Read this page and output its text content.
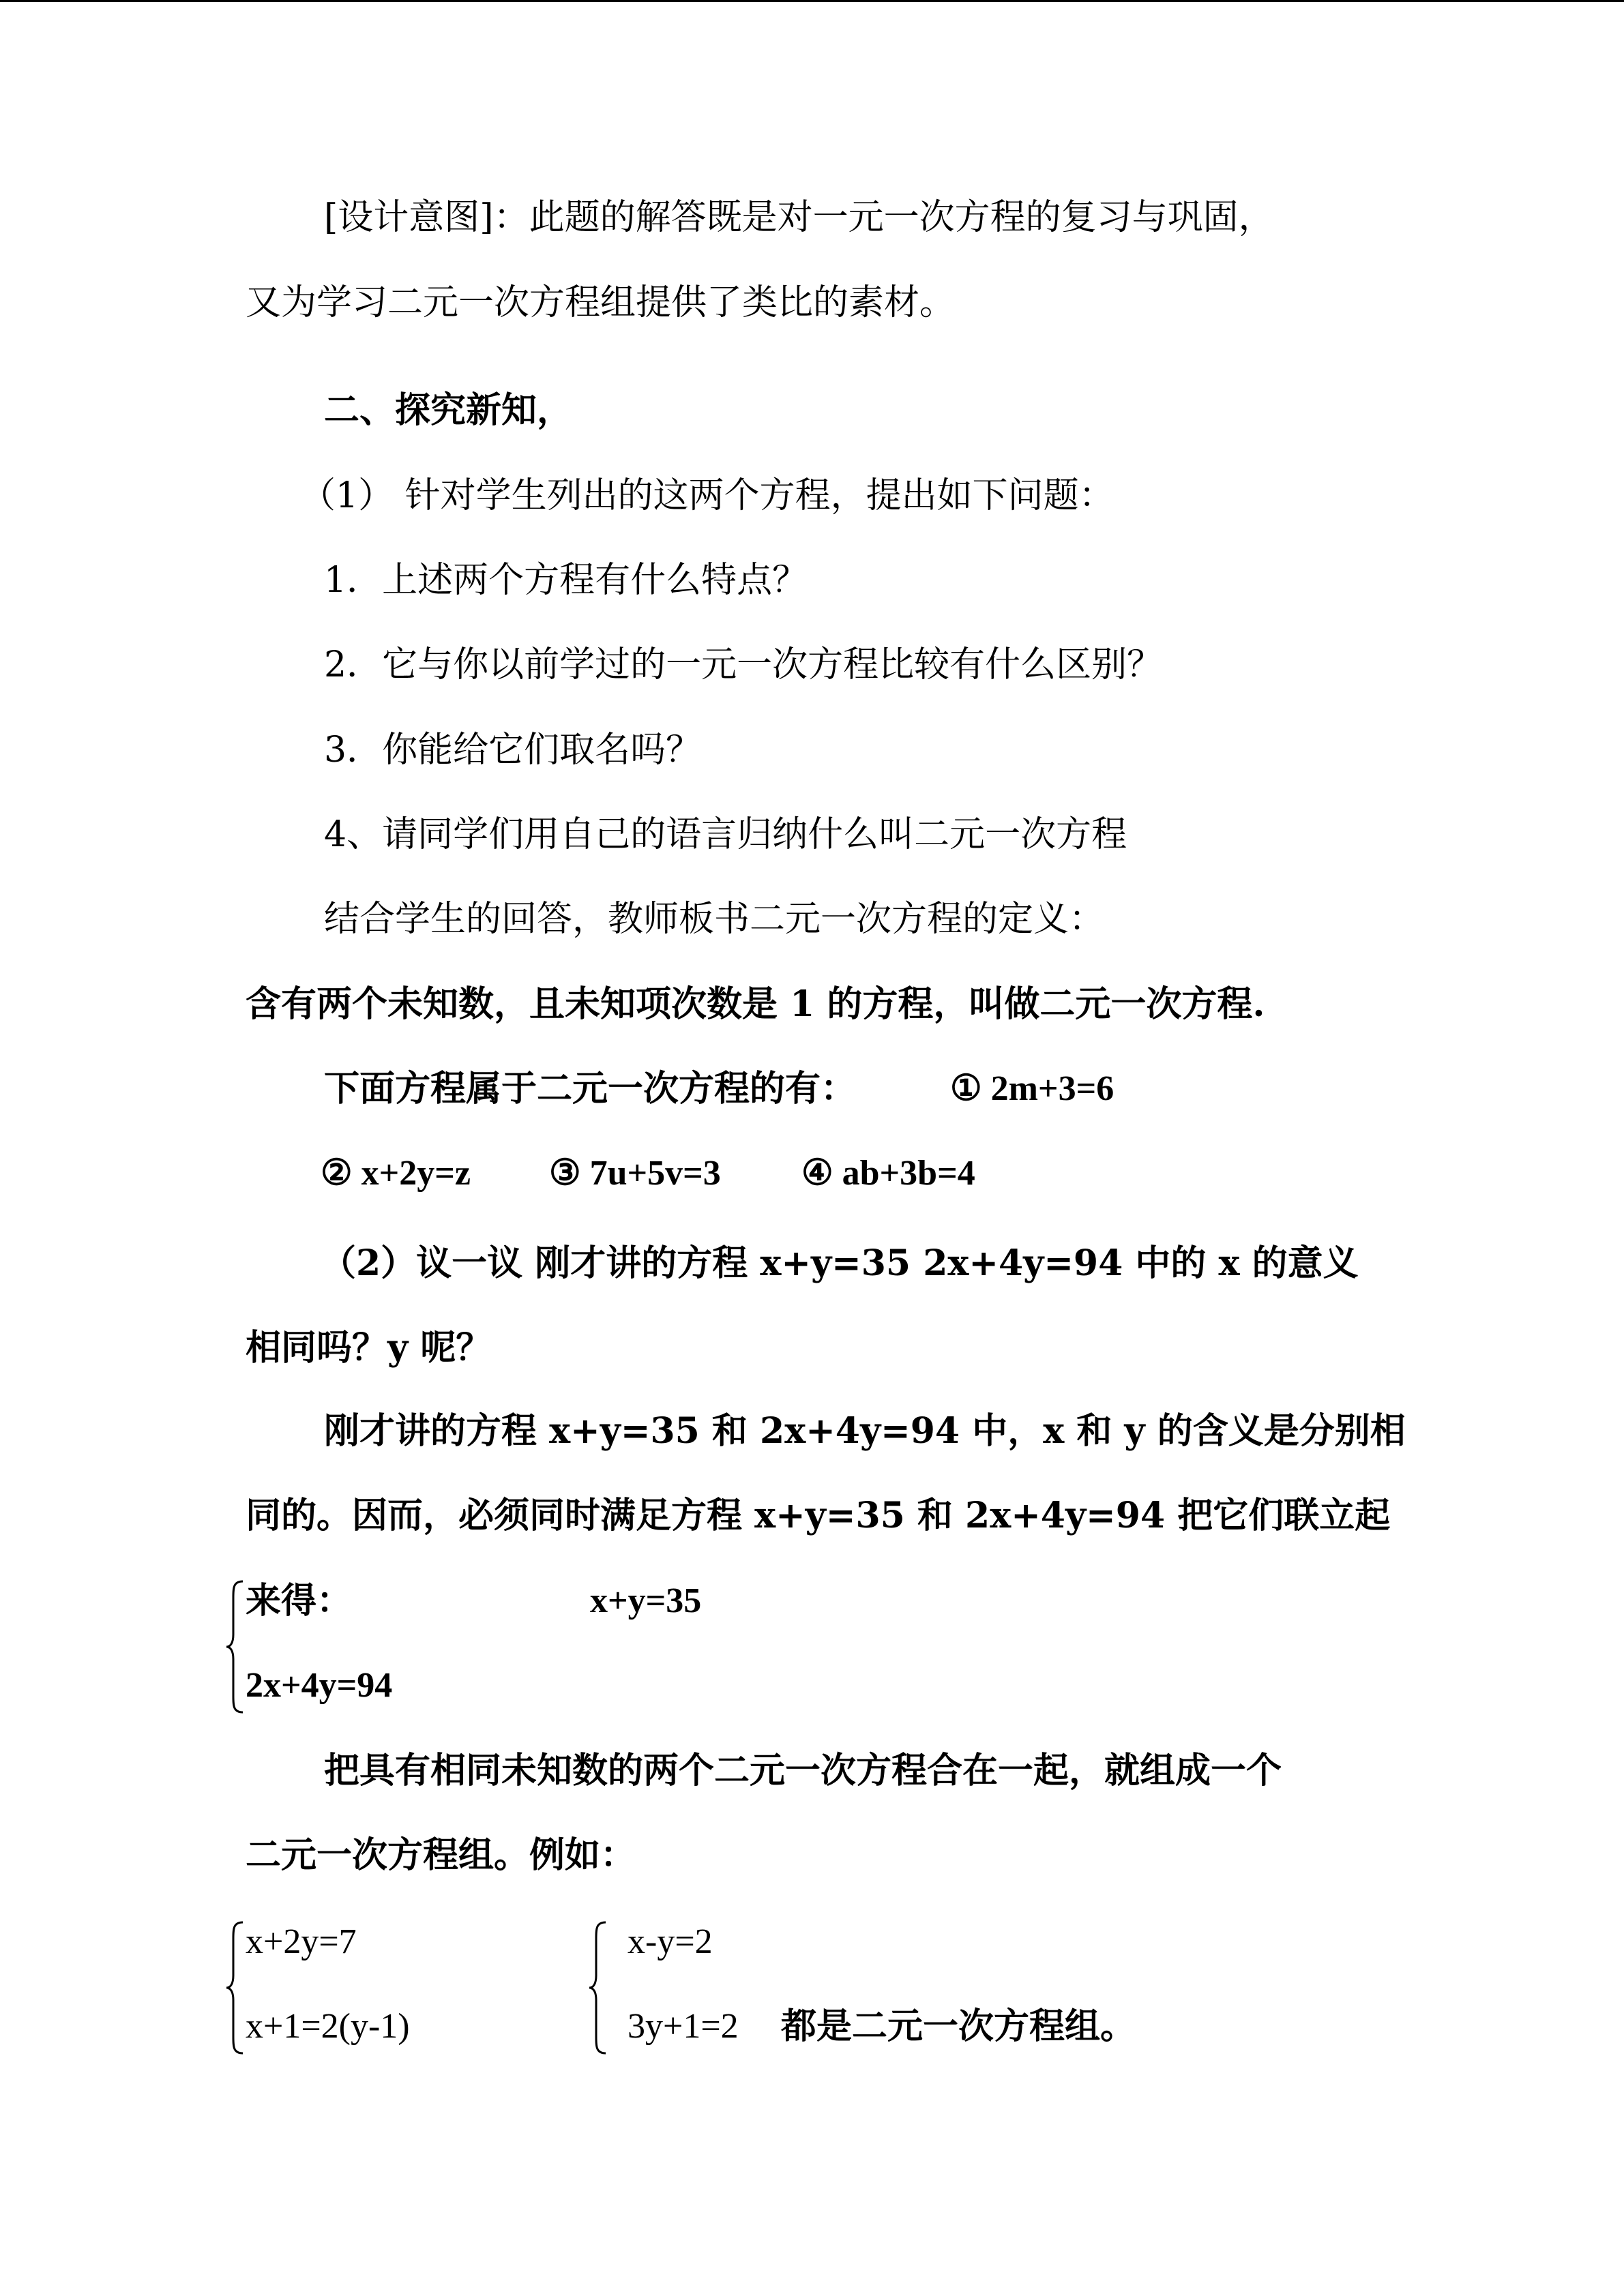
[设计意图]：此题的解答既是对一元一次方程的复习与巩固，
又为学习二元一次方程组提供了类比的素材。
二、探究新知，
（1） 针对学生列出的这两个方程，提出如下问题：
1．上述两个方程有什么特点？
2．它与你以前学过的一元一次方程比较有什么区别？
3．你能给它们取名吗？
4、请同学们用自己的语言归纳什么叫二元一次方程
结合学生的回答，教师板书二元一次方程的定义：
含有两个未知数，且未知项次数是 1 的方程，叫做二元一次方程.
下面方程属于二元一次方程的有：	① 2m+3=6
② x+2y=z ③ 7u+5v=3 ④ ab+3b=4
（2）议一议 刚才讲的方程 x+y=35 2x+4y=94 中的 x 的意义
相同吗？y 呢？
刚才讲的方程 x+y=35 和 2x+4y=94 中，x 和 y 的含义是分别相
同的。因而，必须同时满足方程 x+y=35 和 2x+4y=94 把它们联立起
来得：	x+y=35
2x+4y=94
把具有相同未知数的两个二元一次方程合在一起，就组成一个
二元一次方程组。例如：
x+2y=7
x+1=2(y-1)
x-y=2
3y+1=2 都是二元一次方程组。
